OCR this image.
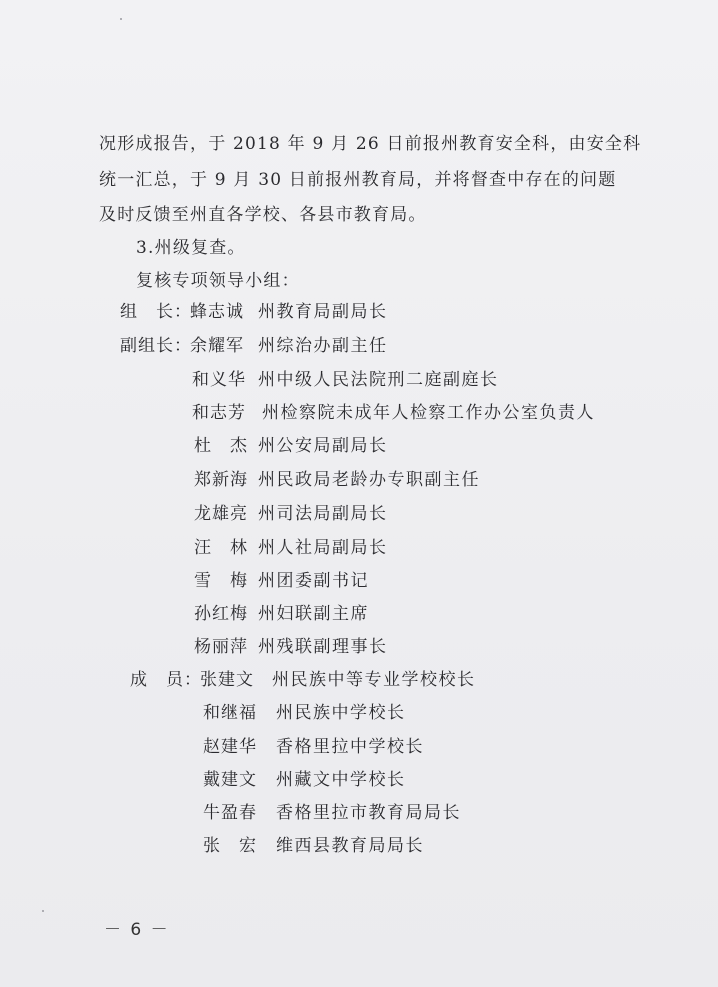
况形成报告，于 2018 年 9 月 26 日前报州教育安全科，由安全科
统一汇总，于 9 月 30 日前报州教育局，并将督查中存在的问题
及时反馈至州直各学校、各县市教育局。
3.州级复查。
复核专项领导小组：
组　长：
蜂志诚 州教育局副局长
副组长：
余耀军 州综治办副主任
和义华 州中级人民法院刑二庭副庭长
和志芳 州检察院未成年人检察工作办公室负责人
杜　杰 州公安局副局长
郑新海 州民政局老龄办专职副主任
龙雄亮 州司法局副局长
汪　林 州人社局副局长
雪　梅 州团委副书记
孙红梅 州妇联副主席
杨丽萍 州残联副理事长
成　员：
张建文 州民族中等专业学校校长
和继福 州民族中学校长
赵建华 香格里拉中学校长
戴建文 州藏文中学校长
牛盈春 香格里拉市教育局局长
张　宏 维西县教育局局长
－ 6 －
